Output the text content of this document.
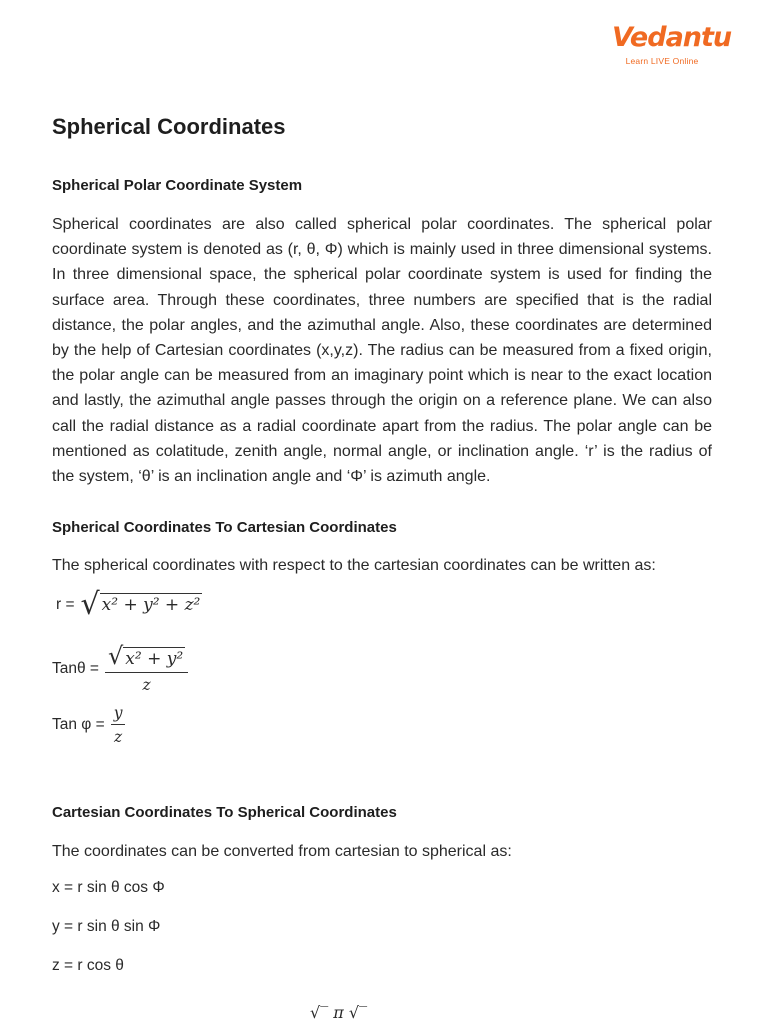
Vedantu
Learn LIVE Online
Spherical Coordinates
Spherical Polar Coordinate System

Spherical coordinates are also called spherical polar coordinates. The spherical polar coordinate system is denoted as (r, θ, Φ) which is mainly used in three dimensional systems. In three dimensional space, the spherical polar coordinate system is used for finding the surface area. Through these coordinates, three numbers are specified that is the radial distance, the polar angles, and the azimuthal angle. Also, these coordinates are determined by the help of Cartesian coordinates (x,y,z). The radius can be measured from a fixed origin, the polar angle can be measured from an imaginary point which is near to the exact location and lastly, the azimuthal angle passes through the origin on a reference plane. We can also call the radial distance as a radial coordinate apart from the radius. The polar angle can be mentioned as colatitude, zenith angle, normal angle, or inclination angle. ‘r’ is the radius of the system, ‘θ’ is an inclination angle and ‘Φ’ is azimuth angle.

Spherical Coordinates To Cartesian Coordinates

The spherical coordinates with respect to the cartesian coordinates can be written as:

r = √ x² + y² + z²
$Tan\theta = \frac{\text{√ x² + y²}}{z}$
Tan $\varphi = \frac{y}{z}$
Cartesian Coordinates To Spherical Coordinates

The coordinates can be converted from cartesian to spherical as:

x = r sin θ cos Φ
y = r sin θ sin Φ
z = r cos θ
√‾ π √‾
